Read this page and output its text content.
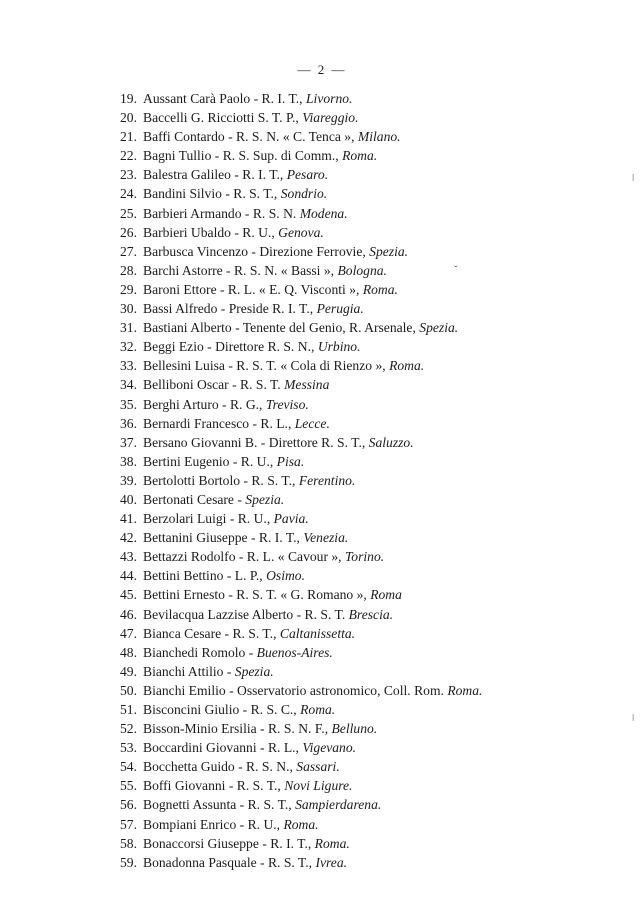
— 2 —
19. Aussant Carà Paolo - R. I. T., Livorno.
20. Baccelli G. Ricciotti S. T. P., Viareggio.
21. Baffi Contardo - R. S. N. « C. Tenca », Milano.
22. Bagni Tullio - R. S. Sup. di Comm., Roma.
23. Balestra Galileo - R. I. T., Pesaro.
24. Bandini Silvio - R. S. T., Sondrio.
25. Barbieri Armando - R. S. N. Modena.
26. Barbieri Ubaldo - R. U., Genova.
27. Barbusca Vincenzo - Direzione Ferrovie, Spezia.
28. Barchi Astorre - R. S. N. « Bassi », Bologna.
29. Baroni Ettore - R. L. « E. Q. Visconti », Roma.
30. Bassi Alfredo - Preside R. I. T., Perugia.
31. Bastiani Alberto - Tenente del Genio, R. Arsenale, Spezia.
32. Beggi Ezio - Direttore R. S. N., Urbino.
33. Bellesini Luisa - R. S. T. « Cola di Rienzo », Roma.
34. Belliboni Oscar - R. S. T. Messina
35. Berghi Arturo - R. G., Treviso.
36. Bernardi Francesco - R. L., Lecce.
37. Bersano Giovanni B. - Direttore R. S. T., Saluzzo.
38. Bertini Eugenio - R. U., Pisa.
39. Bertolotti Bortolo - R. S. T., Ferentino.
40. Bertonati Cesare - Spezia.
41. Berzolari Luigi - R. U., Pavia.
42. Bettanini Giuseppe - R. I. T., Venezia.
43. Bettazzi Rodolfo - R. L. « Cavour », Torino.
44. Bettini Bettino - L. P., Osimo.
45. Bettini Ernesto - R. S. T. « G. Romano », Roma
46. Bevilacqua Lazzise Alberto - R. S. T. Brescia.
47. Bianca Cesare - R. S. T., Caltanissetta.
48. Bianchedi Romolo - Buenos-Aires.
49. Bianchi Attilio - Spezia.
50. Bianchi Emilio - Osservatorio astronomico, Coll. Rom. Roma.
51. Bisconcini Giulio - R. S. C., Roma.
52. Bisson-Minio Ersilia - R. S. N. F., Belluno.
53. Boccardini Giovanni - R. L., Vigevano.
54. Bocchetta Guido - R. S. N., Sassari.
55. Boffi Giovanni - R. S. T., Novi Ligure.
56. Bognetti Assunta - R. S. T., Sampierdarena.
57. Bompiani Enrico - R. U., Roma.
58. Bonaccorsi Giuseppe - R. I. T., Roma.
59. Bonadonna Pasquale - R. S. T., Ivrea.
ǀ
ˇ
ǀ
